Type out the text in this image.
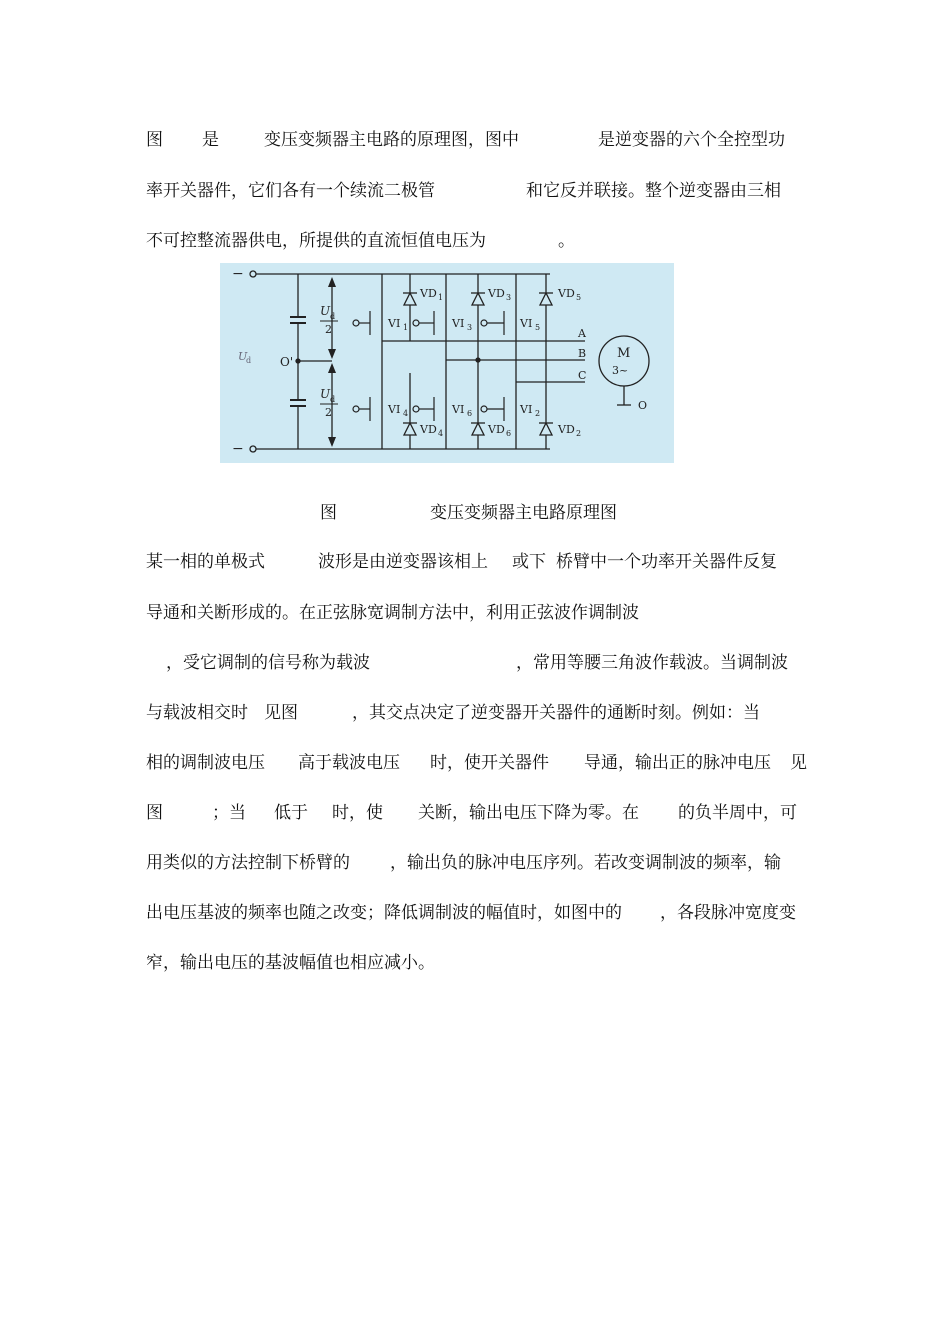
图

是

	变压变频器主电路的原理图，图中

	是逆变器的六个全控型功

率开关器件，它们各有一个续流二极管

	和它反并联接。整个逆变器由三相

不可控整流器供电，所提供的直流恒值电压为

	。

−
−
O'
U
d
U d
2
U d
2
VI 1	VI 3	VI 5
VI 4	VI 6	VI 2
VD 1	VD 3	VD 5
VD 4	VD 6	VD 2
A
B
C
M
3~
O

图

	变压变频器主电路原理图

某一相的单极式

	波形是由逆变器该相上

或下

桥臂中一个功率开关器件反复

导通和关断形成的。在正弦脉宽调制方法中，利用正弦波作调制波

，受它调制的信号称为载波

	，常用等腰三角波作载波。当调制波

与载波相交时

见图

	，其交点决定了逆变器开关器件的通断时刻。例如：当

相的调制波电压

高于载波电压

时，使开关器件

导通，输出正的脉冲电压

见

图

	；当

低于

时，使

关断，输出电压下降为零。在

的负半周中，可

用类似的方法控制下桥臂的

，输出负的脉冲电压序列。若改变调制波的频率，输

出电压基波的频率也随之改变；降低调制波的幅值时，如图中的

，各段脉冲宽度变

窄，输出电压的基波幅值也相应减小。
